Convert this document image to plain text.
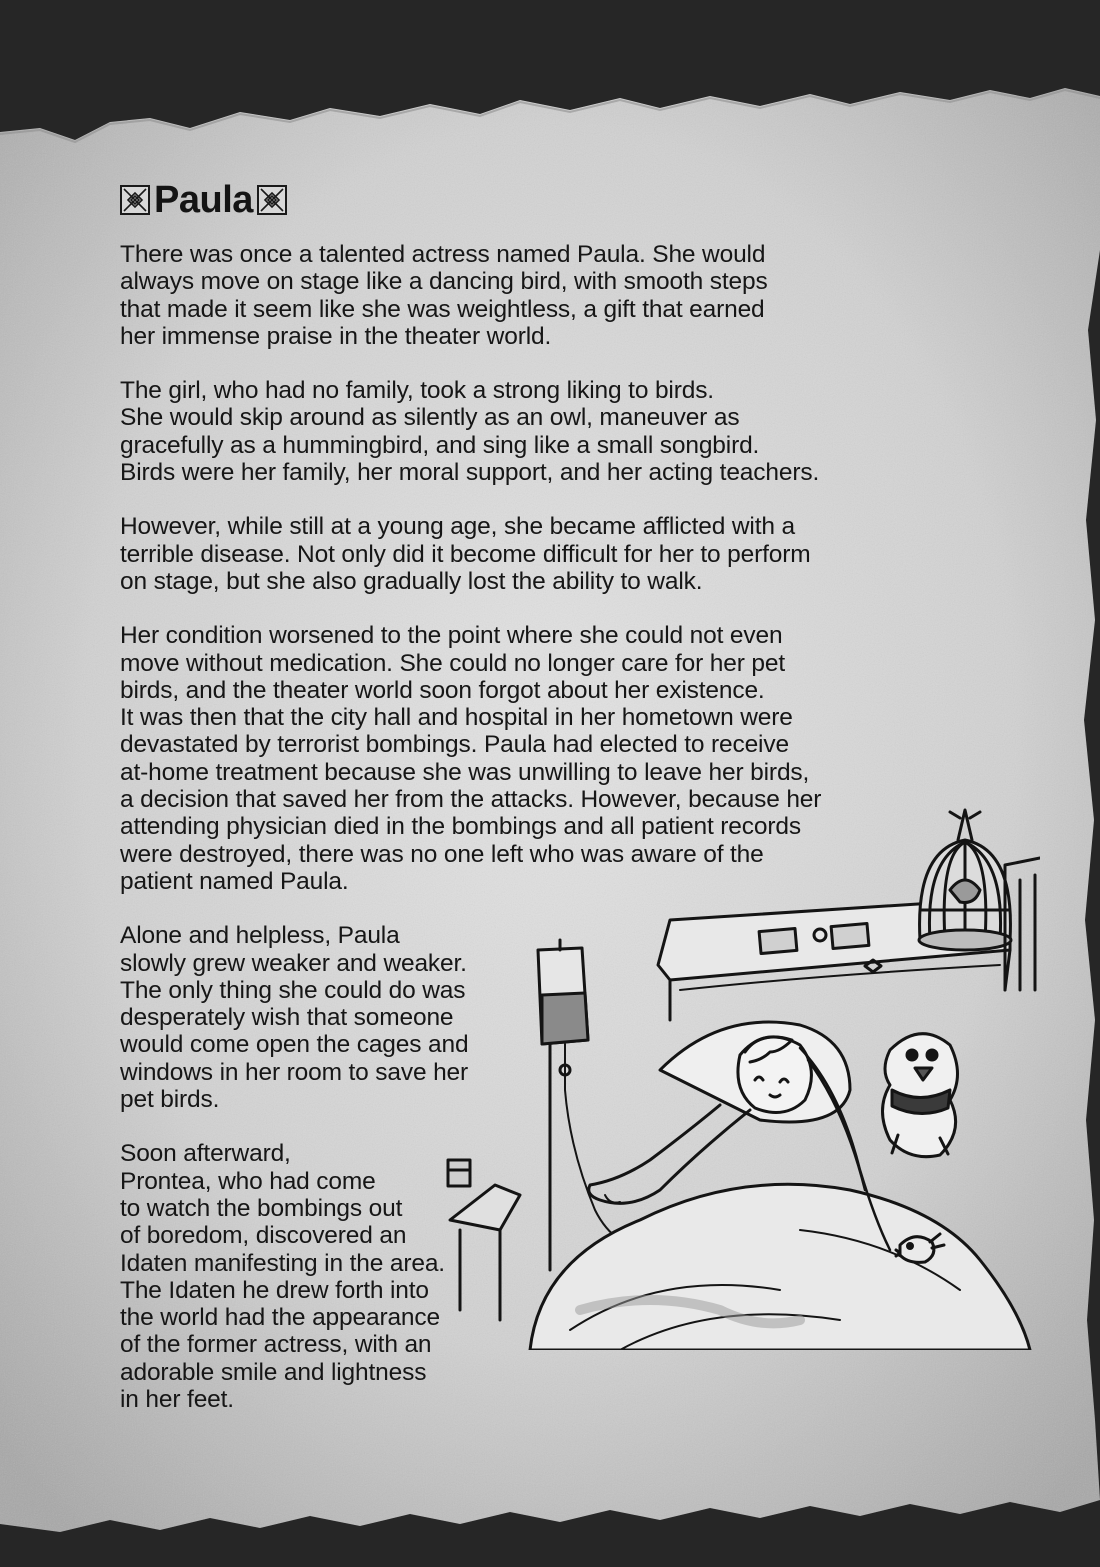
Paula

There was once a talented actress named Paula. She would
always move on stage like a dancing bird, with smooth steps
that made it seem like she was weightless, a gift that earned
her immense praise in the theater world.

The girl, who had no family, took a strong liking to birds.
She would skip around as silently as an owl, maneuver as
gracefully as a hummingbird, and sing like a small songbird.
Birds were her family, her moral support, and her acting teachers.

However, while still at a young age, she became afflicted with a
terrible disease. Not only did it become difficult for her to perform
on stage, but she also gradually lost the ability to walk.

Her condition worsened to the point where she could not even
move without medication. She could no longer care for her pet
birds, and the theater world soon forgot about her existence.
It was then that the city hall and hospital in her hometown were
devastated by terrorist bombings. Paula had elected to receive
at-home treatment because she was unwilling to leave her birds,
a decision that saved her from the attacks. However, because her
attending physician died in the bombings and all patient records
were destroyed, there was no one left who was aware of the
patient named Paula.

Alone and helpless, Paula
slowly grew weaker and weaker.
The only thing she could do was
desperately wish that someone
would come open the cages and
windows in her room to save her
pet birds.

Soon afterward,
Prontea, who had come
to watch the bombings out
of boredom, discovered an
Idaten manifesting in the area.
The Idaten he drew forth into
the world had the appearance
of the former actress, with an
adorable smile and lightness
in her feet.
